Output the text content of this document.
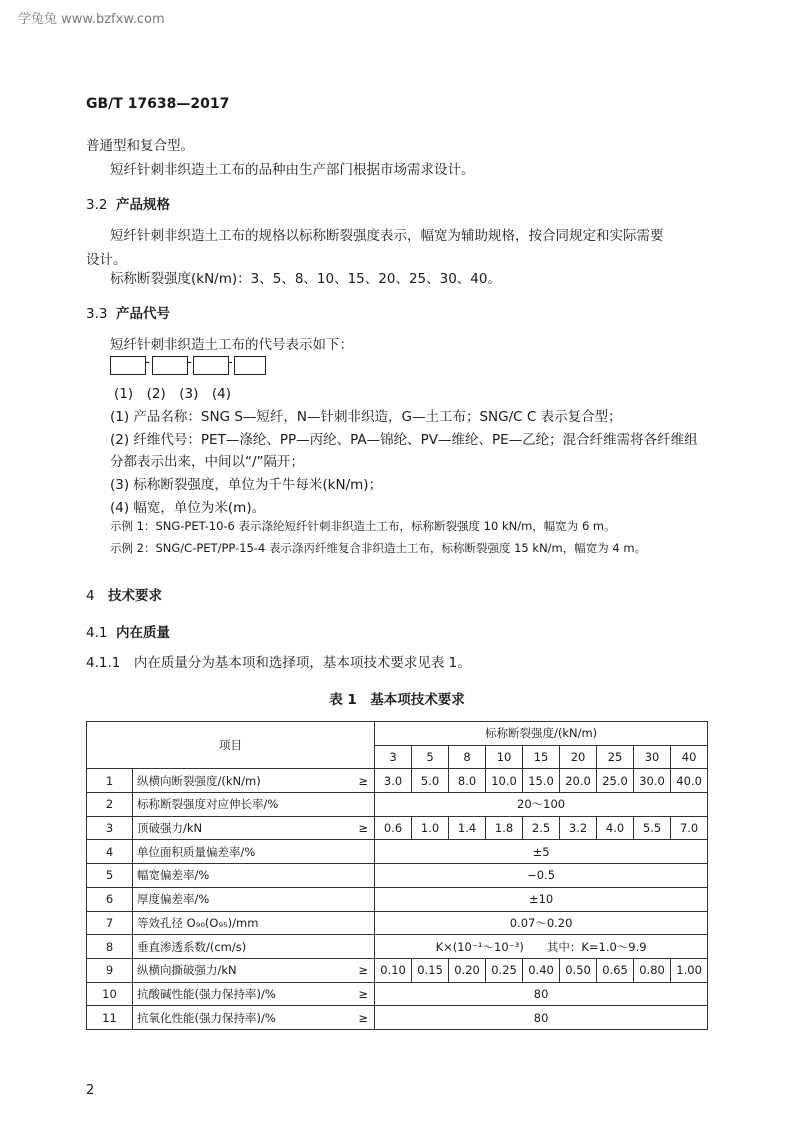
学兔兔 www.bzfxw.com
GB/T 17638—2017
普通型和复合型。
短纤针刺非织造土工布的品种由生产部门根据市场需求设计。
3.2 产品规格
短纤针刺非织造土工布的规格以标称断裂强度表示，幅宽为辅助规格，按合同规定和实际需要
设计。
标称断裂强度(kN/m)：3、5、8、10、15、20、25、30、40。
3.3 产品代号
短纤针刺非织造土工布的代号表示如下：
-	-	-
(1)　(2)　(3)　(4)
(1) 产品名称：SNG S—短纤，N—针刺非织造，G—土工布；SNG/C C 表示复合型；
(2) 纤维代号：PET—涤纶、PP—丙纶、PA—锦纶、PV—维纶、PE—乙纶；混合纤维需将各纤维组
分都表示出来，中间以“/”隔开；
(3) 标称断裂强度，单位为千牛每米(kN/m)；
(4) 幅宽，单位为米(m)。
示例 1：SNG-PET-10-6 表示涤纶短纤针刺非织造土工布，标称断裂强度 10 kN/m，幅宽为 6 m。
示例 2：SNG/C-PET/PP-15-4 表示涤丙纤维复合非织造土工布，标称断裂强度 15 kN/m，幅宽为 4 m。
4 技术要求
4.1 内在质量
4.1.1　内在质量分为基本项和选择项，基本项技术要求见表 1。
表 1　基本项技术要求
项目			标称断裂强度/(kN/m)								
			3	5	8	10	15	20	25	30	40
1	纵横向断裂强度/(kN/m)	≥	3.0	5.0	8.0	10.0	15.0	20.0	25.0	30.0	40.0
2	标称断裂强度对应伸长率/%		20～100								
3	顶破强力/kN	≥	0.6	1.0	1.4	1.8	2.5	3.2	4.0	5.5	7.0
4	单位面积质量偏差率/%		±5								
5	幅宽偏差率/%		−0.5								
6	厚度偏差率/%		±10								
7	等效孔径 O₉₀(O₉₅)/mm		0.07～0.20								
8	垂直渗透系数/(cm/s)		K×(10⁻¹～10⁻³)　　其中：K=1.0～9.9								
9	纵横向撕破强力/kN	≥	0.10	0.15	0.20	0.25	0.40	0.50	0.65	0.80	1.00
10	抗酸碱性能(强力保持率)/%	≥	80								
11	抗氧化性能(强力保持率)/%	≥	80								
2
